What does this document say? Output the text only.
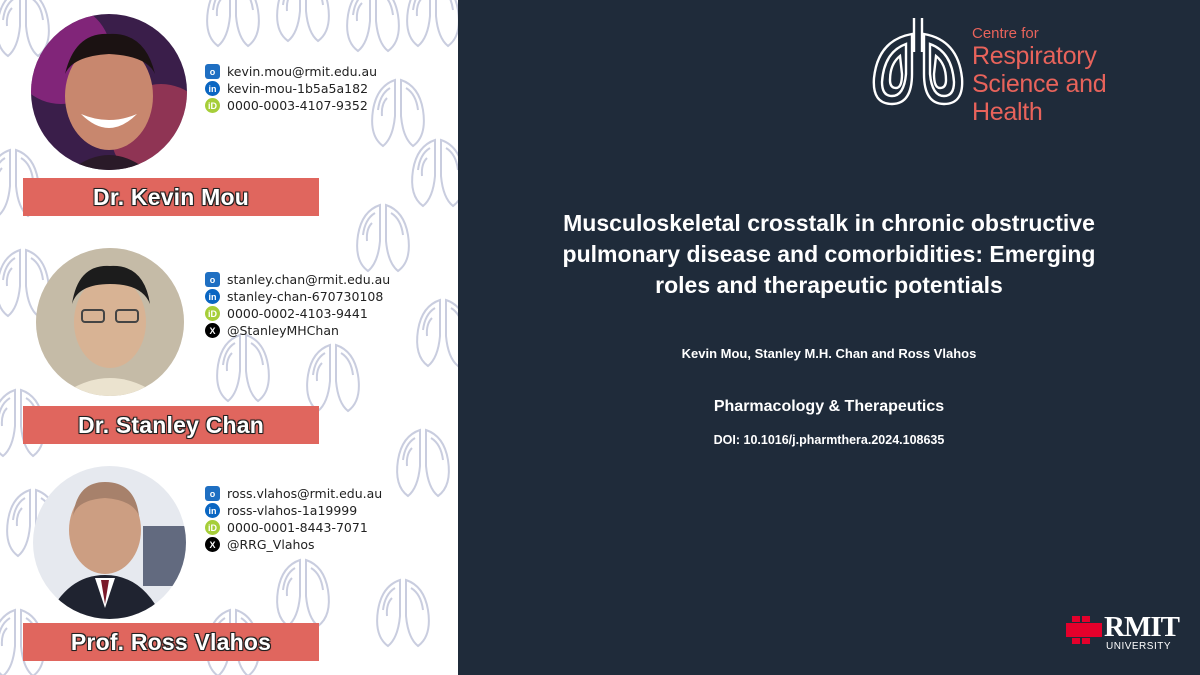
o kevin.mou@rmit.edu.au
in kevin-mou-1b5a5a182
iD 0000-0003-4107-9352
Dr. Kevin Mou
o stanley.chan@rmit.edu.au
in stanley-chan-670730108
iD 0000-0002-4103-9441
X @StanleyMHChan
Dr. Stanley Chan
o ross.vlahos@rmit.edu.au
in ross-vlahos-1a19999
iD 0000-0001-8443-7071
X @RRG_Vlahos
Prof. Ross Vlahos
Centre for
Respiratory
Science and Health
Musculoskeletal crosstalk in chronic obstructive
pulmonary disease and comorbidities: Emerging
roles and therapeutic potentials
Kevin Mou, Stanley M.H. Chan and Ross Vlahos
Pharmacology & Therapeutics
DOI: 10.1016/j.pharmthera.2024.108635
RMIT
UNIVERSITY
